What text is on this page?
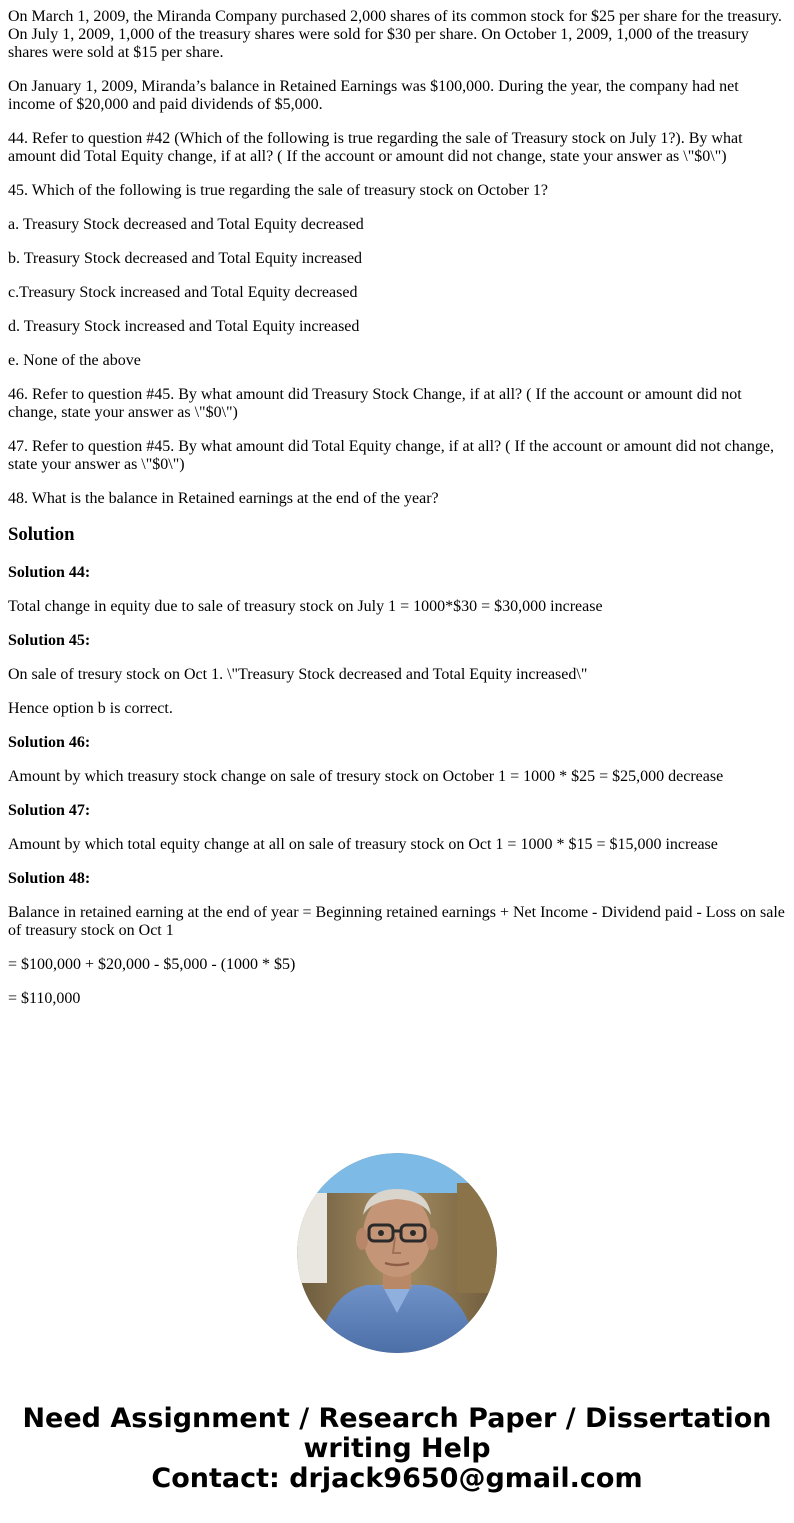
On March 1, 2009, the Miranda Company purchased 2,000 shares of its common stock for $25 per share for the treasury. On July 1, 2009, 1,000 of the treasury shares were sold for $30 per share. On October 1, 2009, 1,000 of the treasury shares were sold at $15 per share.

On January 1, 2009, Miranda’s balance in Retained Earnings was $100,000. During the year, the company had net income of $20,000 and paid dividends of $5,000.

44. Refer to question #42 (Which of the following is true regarding the sale of Treasury stock on July 1?). By what amount did Total Equity change, if at all? ( If the account or amount did not change, state your answer as \"$0\")

45. Which of the following is true regarding the sale of treasury stock on October 1?

a. Treasury Stock decreased and Total Equity decreased

b. Treasury Stock decreased and Total Equity increased

c.Treasury Stock increased and Total Equity decreased

d. Treasury Stock increased and Total Equity increased

e. None of the above

46. Refer to question #45. By what amount did Treasury Stock Change, if at all? ( If the account or amount did not change, state your answer as \"$0\")

47. Refer to question #45. By what amount did Total Equity change, if at all? ( If the account or amount did not change, state your answer as \"$0\")

48. What is the balance in Retained earnings at the end of the year?

Solution

Solution 44:

Total change in equity due to sale of treasury stock on July 1 = 1000*$30 = $30,000 increase

Solution 45:

On sale of tresury stock on Oct 1. \"Treasury Stock decreased and Total Equity increased\"

Hence option b is correct.

Solution 46:

Amount by which treasury stock change on sale of tresury stock on October 1 = 1000 * $25 = $25,000 decrease

Solution 47:

Amount by which total equity change at all on sale of treasury stock on Oct 1 = 1000 * $15 = $15,000 increase

Solution 48:

Balance in retained earning at the end of year = Beginning retained earnings + Net Income - Dividend paid - Loss on sale of treasury stock on Oct 1

= $100,000 + $20,000 - $5,000 - (1000 * $5)

= $110,000

Need Assignment / Research Paper / Dissertation
writing Help
Contact: drjack9650@gmail.com
